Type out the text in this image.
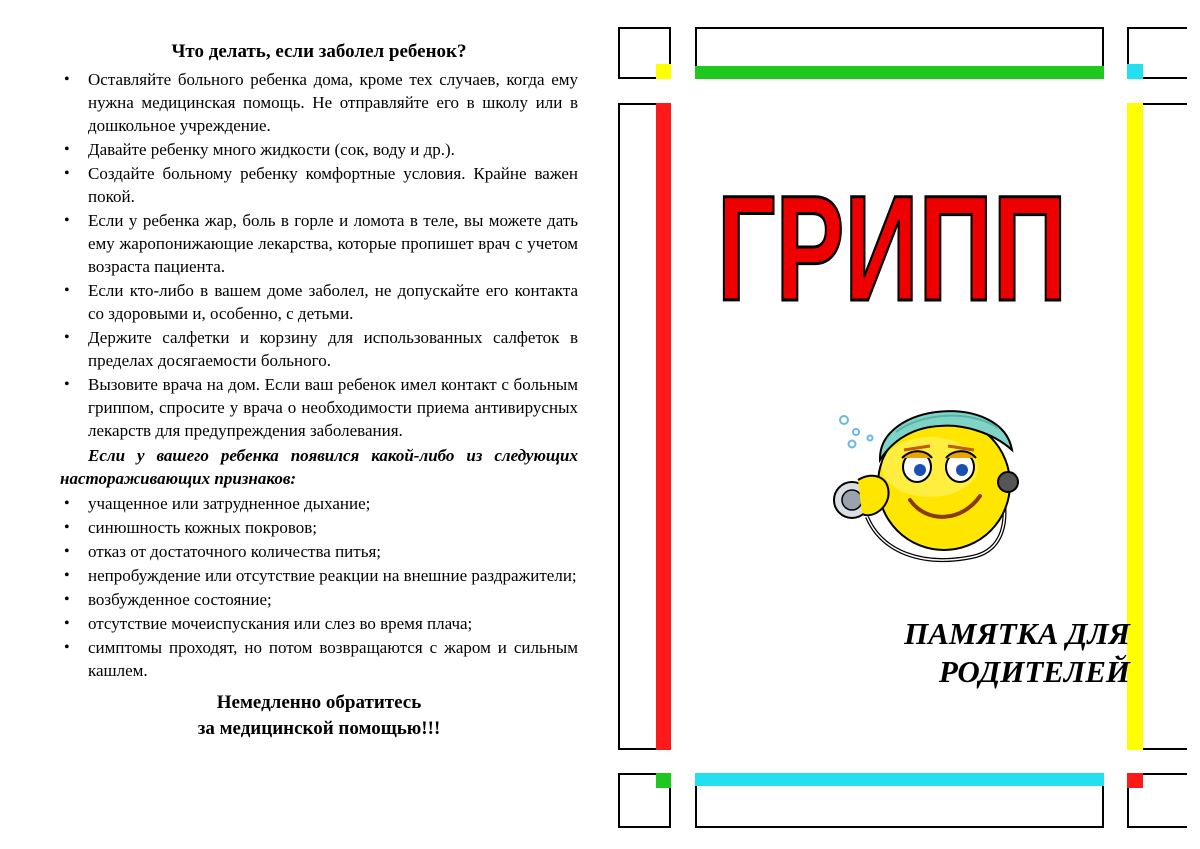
Что делать, если заболел ребенок?
• Оставляйте больного ребенка дома, кроме тех случаев, когда ему нужна медицинская помощь. Не отправляйте его в школу или в дошкольное учреждение.
• Давайте ребенку много жидкости (сок, воду и др.).
• Создайте больному ребенку комфортные условия. Крайне важен покой.
• Если у ребенка жар, боль в горле и ломота в теле, вы можете дать ему жаропонижающие лекарства, которые пропишет врач с учетом возраста пациента.
• Если кто-либо в вашем доме заболел, не допускайте его контакта со здоровыми и, особенно, с детьми.
• Держите салфетки и корзину для использованных салфеток в пределах досягаемости больного.
• Вызовите врача на дом. Если ваш ребенок имел контакт с больным гриппом, спросите у врача о необходимости приема антивирусных лекарств для предупреждения заболевания.
Если у вашего ребенка появился какой-либо из следующих настораживающих признаков:
• учащенное или затрудненное дыхание;
• синюшность кожных покровов;
• отказ от достаточного количества питья;
• непробуждение или отсутствие реакции на внешние раздражители;
• возбужденное состояние;
• отсутствие мочеиспускания или слез во время плача;
• симптомы проходят, но потом возвращаются с жаром и сильным кашлем.
Немедленно обратитесь
за медицинской помощью!!!
ГРИПП
ПАМЯТКА ДЛЯ
РОДИТЕЛЕЙ
